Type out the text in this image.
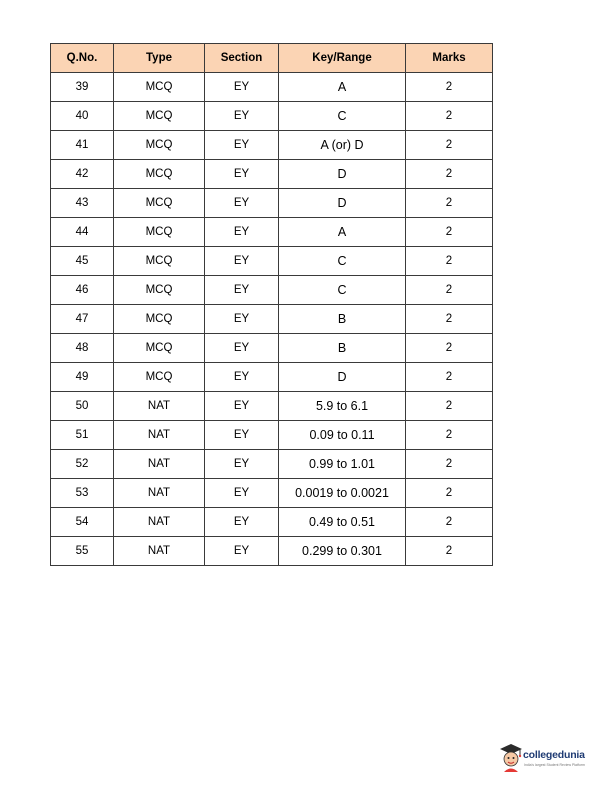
Q.No.	Type	Section	Key/Range	Marks
39	MCQ	EY	A	2
40	MCQ	EY	C	2
41	MCQ	EY	A (or) D	2
42	MCQ	EY	D	2
43	MCQ	EY	D	2
44	MCQ	EY	A	2
45	MCQ	EY	C	2
46	MCQ	EY	C	2
47	MCQ	EY	B	2
48	MCQ	EY	B	2
49	MCQ	EY	D	2
50	NAT	EY	5.9 to 6.1	2
51	NAT	EY	0.09 to 0.11	2
52	NAT	EY	0.99 to 1.01	2
53	NAT	EY	0.0019 to 0.0021	2
54	NAT	EY	0.49 to 0.51	2
55	NAT	EY	0.299 to 0.301	2
collegedunia
India's largest Student Review Platform
